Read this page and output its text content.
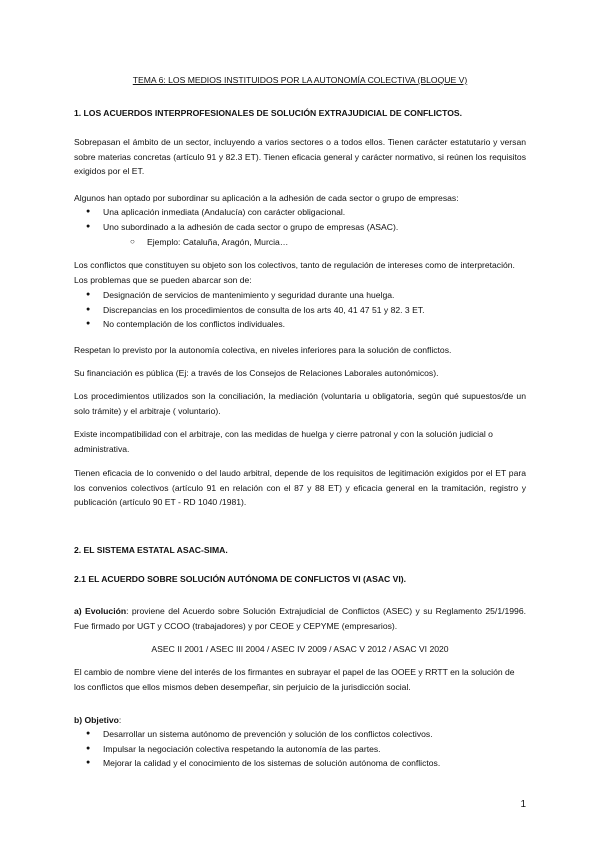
TEMA 6: LOS MEDIOS INSTITUIDOS POR LA AUTONOMÍA COLECTIVA (BLOQUE V)

1. LOS ACUERDOS INTERPROFESIONALES DE SOLUCIÓN EXTRAJUDICIAL DE CONFLICTOS.

Sobrepasan el ámbito de un sector, incluyendo a varios sectores o a todos ellos. Tienen carácter estatutario y versan sobre materias concretas (artículo 91 y 82.3 ET). Tienen eficacia general y carácter normativo, si reúnen los requisitos exigidos por el ET.

Algunos han optado por subordinar su aplicación a la adhesión de cada sector o grupo de empresas:

● Una aplicación inmediata (Andalucía) con carácter obligacional.
● Uno subordinado a la adhesión de cada sector o grupo de empresas (ASAC).
○ Ejemplo: Cataluña, Aragón, Murcia…

Los conflictos que constituyen su objeto son los colectivos, tanto de regulación de intereses como de interpretación. Los problemas que se pueden abarcar son de:

● Designación de servicios de mantenimiento y seguridad durante una huelga.
● Discrepancias en los procedimientos de consulta de los arts 40, 41 47 51 y 82. 3 ET.
● No contemplación de los conflictos individuales.

Respetan lo previsto por la autonomía colectiva, en niveles inferiores para la solución de conflictos.

Su financiación es pública (Ej: a través de los Consejos de Relaciones Laborales autonómicos).

Los procedimientos utilizados son la conciliación, la mediación (voluntaria u obligatoria, según qué supuestos/de un solo trámite) y el arbitraje ( voluntario).

Existe incompatibilidad con el arbitraje, con las medidas de huelga y cierre patronal y con la solución judicial o administrativa.

Tienen eficacia de lo convenido o del laudo arbitral, depende de los requisitos de legitimación exigidos por el ET para los convenios colectivos (artículo 91 en relación con el 87 y 88 ET) y eficacia general en la tramitación, registro y publicación (artículo 90 ET - RD 1040 /1981).

2. EL SISTEMA ESTATAL ASAC-SIMA.

2.1 EL ACUERDO SOBRE SOLUCIÓN AUTÓNOMA DE CONFLICTOS VI (ASAC VI).

a) Evolución: proviene del Acuerdo sobre Solución Extrajudicial de Conflictos (ASEC) y su Reglamento 25/1/1996. Fue firmado por UGT y CCOO (trabajadores) y por CEOE y CEPYME (empresarios).

ASEC II 2001 / ASEC III 2004 / ASEC IV 2009 / ASAC V 2012 / ASAC VI 2020

El cambio de nombre viene del interés de los firmantes en subrayar el papel de las OOEE y RRTT en la solución de los conflictos que ellos mismos deben desempeñar, sin perjuicio de la jurisdicción social.

b) Objetivo:

● Desarrollar un sistema autónomo de prevención y solución de los conflictos colectivos.
● Impulsar la negociación colectiva respetando la autonomía de las partes.
● Mejorar la calidad y el conocimiento de los sistemas de solución autónoma de conflictos.
1
